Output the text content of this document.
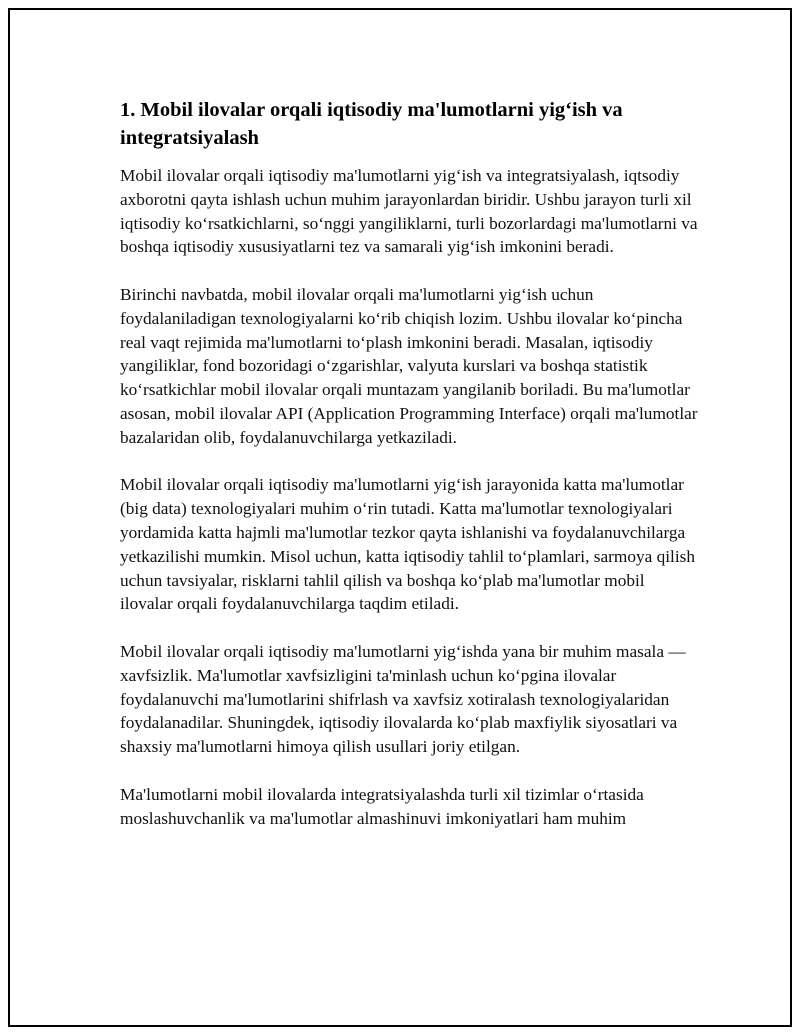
1. Mobil ilovalar orqali iqtisodiy ma'lumotlarni yig‘ish va integratsiyalash

Mobil ilovalar orqali iqtisodiy ma'lumotlarni yig‘ish va integratsiyalash, iqtsodiy axborotni qayta ishlash uchun muhim jarayonlardan biridir. Ushbu jarayon turli xil iqtisodiy ko‘rsatkichlarni, so‘nggi yangiliklarni, turli bozorlardagi ma'lumotlarni va boshqa iqtisodiy xususiyatlarni tez va samarali yig‘ish imkonini beradi.

Birinchi navbatda, mobil ilovalar orqali ma'lumotlarni yig‘ish uchun foydalaniladigan texnologiyalarni ko‘rib chiqish lozim. Ushbu ilovalar ko‘pincha real vaqt rejimida ma'lumotlarni to‘plash imkonini beradi. Masalan, iqtisodiy yangiliklar, fond bozoridagi o‘zgarishlar, valyuta kurslari va boshqa statistik ko‘rsatkichlar mobil ilovalar orqali muntazam yangilanib boriladi. Bu ma'lumotlar asosan, mobil ilovalar API (Application Programming Interface) orqali ma'lumotlar bazalaridan olib, foydalanuvchilarga yetkaziladi.

Mobil ilovalar orqali iqtisodiy ma'lumotlarni yig‘ish jarayonida katta ma'lumotlar (big data) texnologiyalari muhim o‘rin tutadi. Katta ma'lumotlar texnologiyalari yordamida katta hajmli ma'lumotlar tezkor qayta ishlanishi va foydalanuvchilarga yetkazilishi mumkin. Misol uchun, katta iqtisodiy tahlil to‘plamlari, sarmoya qilish uchun tavsiyalar, risklarni tahlil qilish va boshqa ko‘plab ma'lumotlar mobil ilovalar orqali foydalanuvchilarga taqdim etiladi.

Mobil ilovalar orqali iqtisodiy ma'lumotlarni yig‘ishda yana bir muhim masala — xavfsizlik. Ma'lumotlar xavfsizligini ta'minlash uchun ko‘pgina ilovalar foydalanuvchi ma'lumotlarini shifrlash va xavfsiz xotiralash texnologiyalaridan foydalanadilar. Shuningdek, iqtisodiy ilovalarda ko‘plab maxfiylik siyosatlari va shaxsiy ma'lumotlarni himoya qilish usullari joriy etilgan.

Ma'lumotlarni mobil ilovalarda integratsiyalashda turli xil tizimlar o‘rtasida moslashuvchanlik va ma'lumotlar almashinuvi imkoniyatlari ham muhim
